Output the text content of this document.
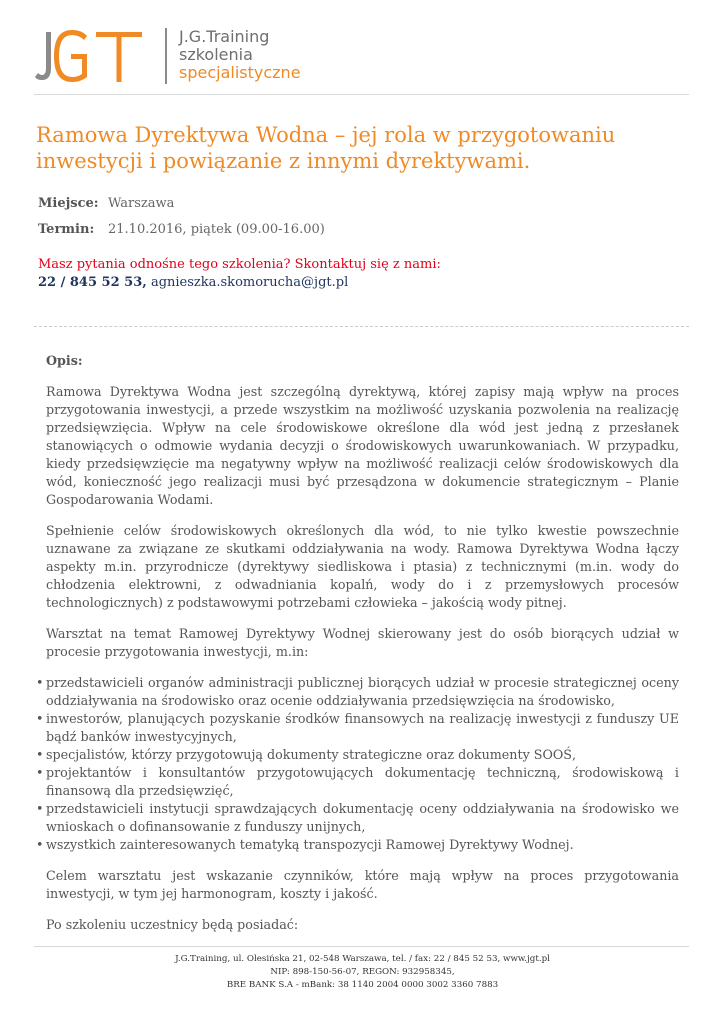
J.G.Training
szkolenia
specjalistyczne
Ramowa Dyrektywa Wodna – jej rola w przygotowaniu inwestycji i powiązanie z innymi dyrektywami.
Miejsce: Warszawa
Termin: 21.10.2016, piątek (09.00-16.00)
Masz pytania odnośne tego szkolenia? Skontaktuj się z nami:
22 / 845 52 53, agnieszka.skomorucha@jgt.pl
Opis:

Ramowa Dyrektywa Wodna jest szczególną dyrektywą, której zapisy mają wpływ na proces przygotowania inwestycji, a przede wszystkim na możliwość uzyskania pozwolenia na realizację przedsięwzięcia. Wpływ na cele środowiskowe określone dla wód jest jedną z przesłanek stanowiących o odmowie wydania decyzji o środowiskowych uwarunkowaniach. W przypadku, kiedy przedsięwzięcie ma negatywny wpływ na możliwość realizacji celów środowiskowych dla wód, konieczność jego realizacji musi być przesądzona w dokumencie strategicznym – Planie Gospodarowania Wodami.

Spełnienie celów środowiskowych określonych dla wód, to nie tylko kwestie powszechnie uznawane za związane ze skutkami oddziaływania na wody. Ramowa Dyrektywa Wodna łączy aspekty m.in. przyrodnicze (dyrektywy siedliskowa i ptasia) z technicznymi (m.in. wody do chłodzenia elektrowni, z odwadniania kopalń, wody do i z przemysłowych procesów technologicznych) z podstawowymi potrzebami człowieka – jakością wody pitnej.

Warsztat na temat Ramowej Dyrektywy Wodnej skierowany jest do osób biorących udział w procesie przygotowania inwestycji, m.in:

• przedstawicieli organów administracji publicznej biorących udział w procesie strategicznej oceny oddziaływania na środowisko oraz ocenie oddziaływania przedsięwzięcia na środowisko,
• inwestorów, planujących pozyskanie środków finansowych na realizację inwestycji z funduszy UE bądź banków inwestycyjnych,
• specjalistów, którzy przygotowują dokumenty strategiczne oraz dokumenty SOOŚ,
• projektantów i konsultantów przygotowujących dokumentację techniczną, środowiskową i finansową dla przedsięwzięć,
• przedstawicieli instytucji sprawdzających dokumentację oceny oddziaływania na środowisko we wnioskach o dofinansowanie z funduszy unijnych,
• wszystkich zainteresowanych tematyką transpozycji Ramowej Dyrektywy Wodnej.

Celem warsztatu jest wskazanie czynników, które mają wpływ na proces przygotowania inwestycji, w tym jej harmonogram, koszty i jakość.

Po szkoleniu uczestnicy będą posiadać:

J.G.Training, ul. Olesińska 21, 02-548 Warszawa, tel. / fax: 22 / 845 52 53, www.jgt.pl
NIP: 898-150-56-07, REGON: 932958345,
BRE BANK S.A - mBank: 38 1140 2004 0000 3002 3360 7883
